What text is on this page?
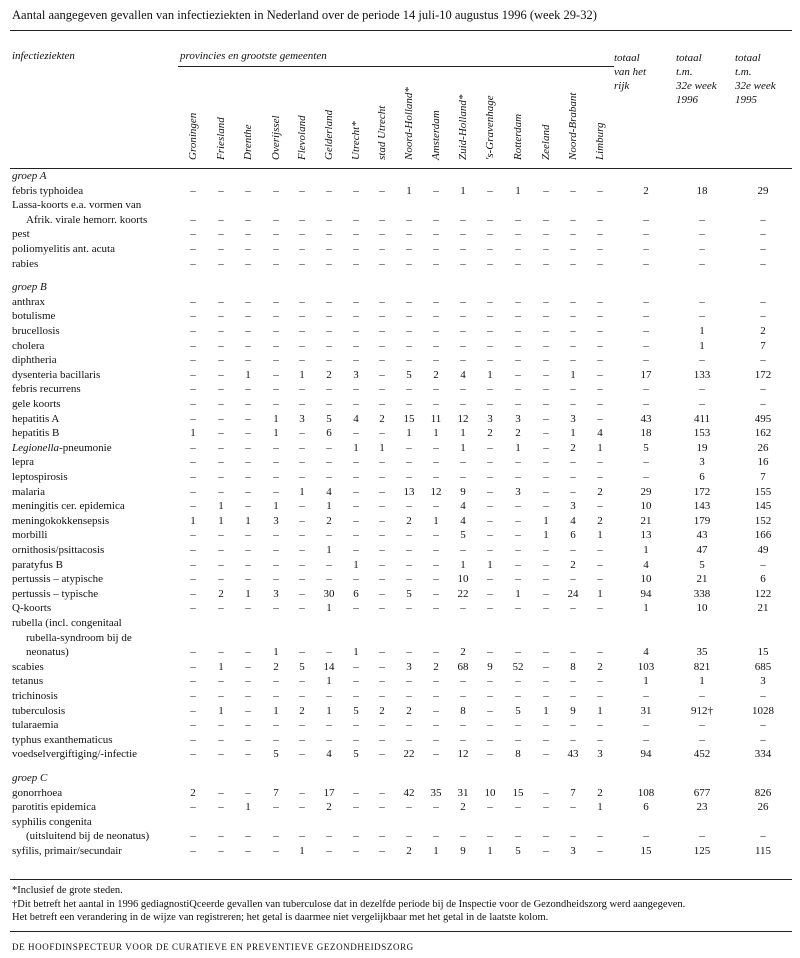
Aantal aangegeven gevallen van infectieziekten in Nederland over de periode 14 juli-10 augustus 1996 (week 29-32)
infectieziekten	provincies en grootste gemeenten
Groningen Friesland Drenthe Overijssel Flevoland Gelderland Utrecht* stad Utrecht Noord-Holland* Amsterdam Zuid-Holland* 's-Gravenhage Rotterdam Zeeland Noord-Brabant Limburg
totaal
van het
rijk
totaal
t.m.
32e week
1996
totaal
t.m.
32e week
1995
groep A
febris typhoidea	–	–	–	–	–	–	–	–	1	–	1	–	1	–	–	–	2	18	29
Lassa-koorts e.a. vormen van
Afrik. virale hemorr. koorts	–	–	–	–	–	–	–	–	–	–	–	–	–	–	–	–	–	–	–
pest	–	–	–	–	–	–	–	–	–	–	–	–	–	–	–	–	–	–	–
poliomyelitis ant. acuta	–	–	–	–	–	–	–	–	–	–	–	–	–	–	–	–	–	–	–
rabies	–	–	–	–	–	–	–	–	–	–	–	–	–	–	–	–	–	–	–
groep B
anthrax	–	–	–	–	–	–	–	–	–	–	–	–	–	–	–	–	–	–	–
botulisme	–	–	–	–	–	–	–	–	–	–	–	–	–	–	–	–	–	–	–
brucellosis	–	–	–	–	–	–	–	–	–	–	–	–	–	–	–	–	–	1	2
cholera	–	–	–	–	–	–	–	–	–	–	–	–	–	–	–	–	–	1	7
diphtheria	–	–	–	–	–	–	–	–	–	–	–	–	–	–	–	–	–	–	–
dysenteria bacillaris	–	–	1	–	1	2	3	–	5	2	4	1	–	–	1	–	17	133	172
febris recurrens	–	–	–	–	–	–	–	–	–	–	–	–	–	–	–	–	–	–	–
gele koorts	–	–	–	–	–	–	–	–	–	–	–	–	–	–	–	–	–	–	–
hepatitis A	–	–	–	1	3	5	4	2	15	11	12	3	3	–	3	–	43	411	495
hepatitis B	1	–	–	1	–	6	–	–	1	1	1	2	2	–	1	4	18	153	162
Legionella-pneumonie	–	–	–	–	–	–	1	1	–	–	1	–	1	–	2	1	5	19	26
lepra	–	–	–	–	–	–	–	–	–	–	–	–	–	–	–	–	–	3	16
leptospirosis	–	–	–	–	–	–	–	–	–	–	–	–	–	–	–	–	–	6	7
malaria	–	–	–	–	1	4	–	–	13	12	9	–	3	–	–	2	29	172	155
meningitis cer. epidemica	–	1	–	1	–	1	–	–	–	–	4	–	–	–	3	–	10	143	145
meningokokkensepsis	1	1	1	3	–	2	–	–	2	1	4	–	–	1	4	2	21	179	152
morbilli	–	–	–	–	–	–	–	–	–	–	5	–	–	1	6	1	13	43	166
ornithosis/psittacosis	–	–	–	–	–	1	–	–	–	–	–	–	–	–	–	–	1	47	49
paratyfus B	–	–	–	–	–	–	1	–	–	–	1	1	–	–	2	–	4	5	–
pertussis – atypische	–	–	–	–	–	–	–	–	–	–	10	–	–	–	–	–	10	21	6
pertussis – typische	–	2	1	3	–	30	6	–	5	–	22	–	1	–	24	1	94	338	122
Q-koorts	–	–	–	–	–	1	–	–	–	–	–	–	–	–	–	–	1	10	21
rubella (incl. congenitaal
rubella-syndroom bij de
neonatus)	–	–	–	1	–	–	1	–	–	–	2	–	–	–	–	–	4	35	15
scabies	–	1	–	2	5	14	–	–	3	2	68	9	52	–	8	2	103	821	685
tetanus	–	–	–	–	–	1	–	–	–	–	–	–	–	–	–	–	1	1	3
trichinosis	–	–	–	–	–	–	–	–	–	–	–	–	–	–	–	–	–	–	–
tuberculosis	–	1	–	1	2	1	5	2	2	–	8	–	5	1	9	1	31	912†	1028
tularaemia	–	–	–	–	–	–	–	–	–	–	–	–	–	–	–	–	–	–	–
typhus exanthematicus	–	–	–	–	–	–	–	–	–	–	–	–	–	–	–	–	–	–	–
voedselvergiftiging/-infectie	–	–	–	5	–	4	5	–	22	–	12	–	8	–	43	3	94	452	334
groep C
gonorrhoea	2	–	–	7	–	17	–	–	42	35	31	10	15	–	7	2	108	677	826
parotitis epidemica	–	–	1	–	–	2	–	–	–	–	2	–	–	–	–	1	6	23	26
syphilis congenita
(uitsluitend bij de neonatus)	–	–	–	–	–	–	–	–	–	–	–	–	–	–	–	–	–	–	–
syfilis, primair/secundair	–	–	–	–	1	–	–	–	2	1	9	1	5	–	3	–	15	125	115
*Inclusief de grote steden.
†Dit betreft het aantal in 1996 gediagnostiQceerde gevallen van tuberculose dat in dezelfde periode bij de Inspectie voor de Gezondheidszorg werd aangegeven.
Het betreft een verandering in de wijze van registreren; het getal is daarmee niet vergelijkbaar met het getal in de laatste kolom.
DE HOOFDINSPECTEUR VOOR DE CURATIEVE EN PREVENTIEVE GEZONDHEIDSZORG
